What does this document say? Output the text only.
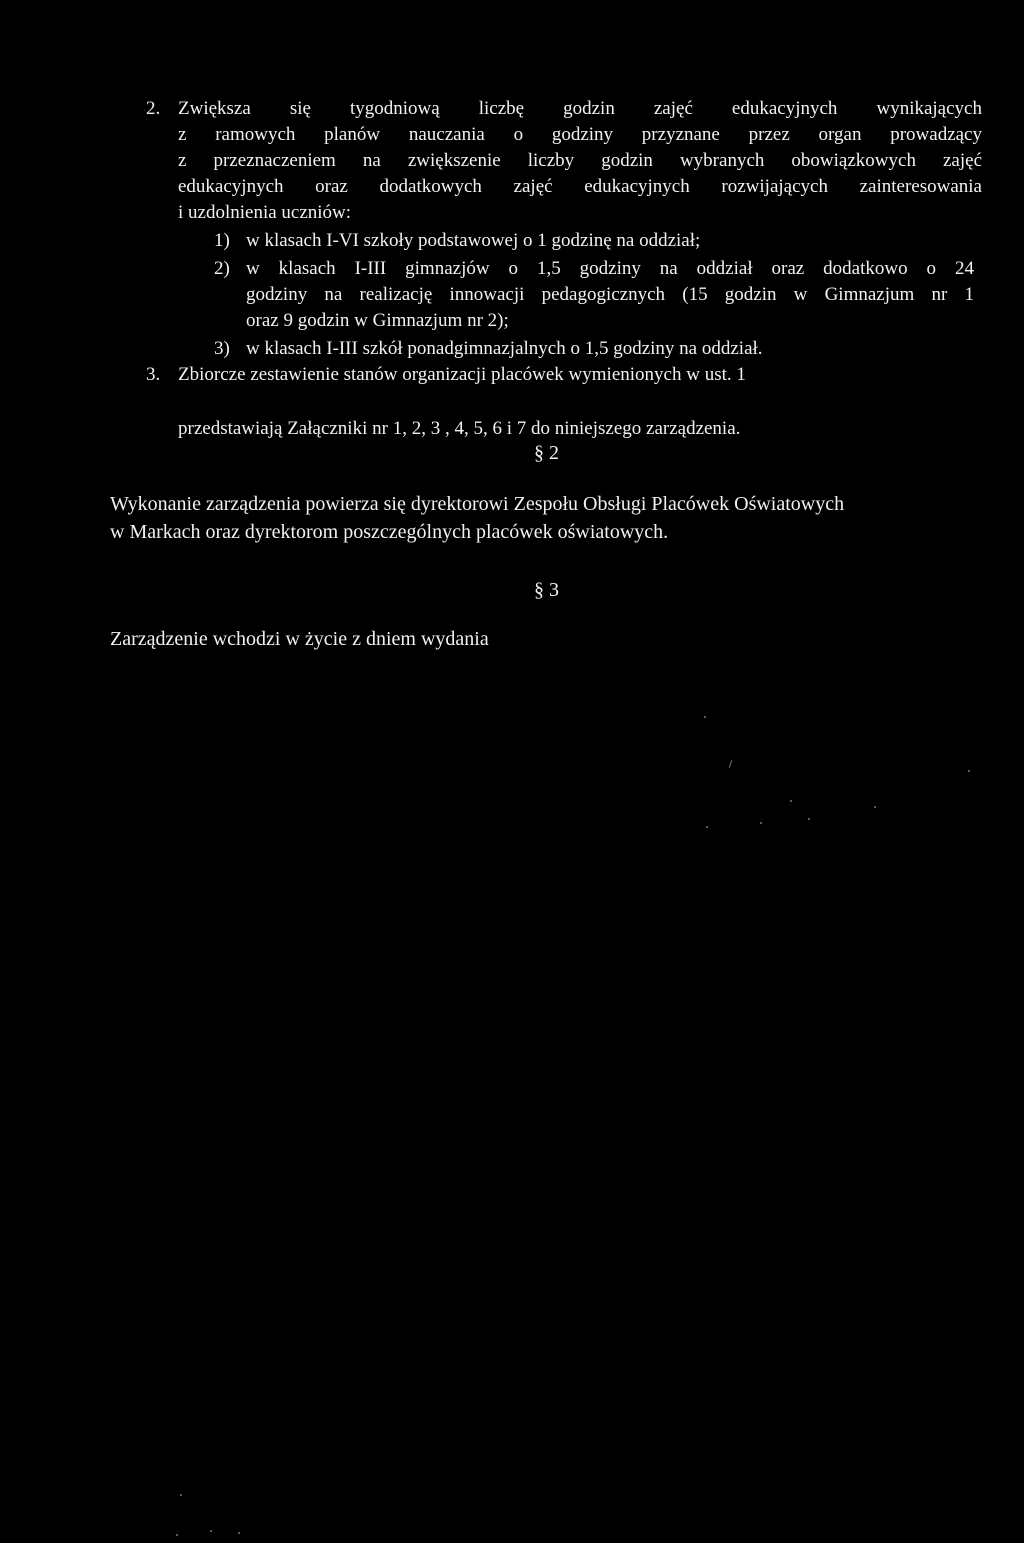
2. Zwiększa się tygodniową liczbę godzin zajęć edukacyjnych wynikających
z ramowych planów nauczania o godziny przyznane przez organ prowadzący
z przeznaczeniem na zwiększenie liczby godzin wybranych obowiązkowych zajęć
edukacyjnych oraz dodatkowych zajęć edukacyjnych rozwijających zainteresowania
i uzdolnienia uczniów:
1) w klasach I-VI szkoły podstawowej o 1 godzinę na oddział;
2) w klasach I-III gimnazjów o 1,5 godziny na oddział oraz dodatkowo o 24
godziny na realizację innowacji pedagogicznych (15 godzin w Gimnazjum nr 1
oraz 9 godzin w Gimnazjum nr 2);
3) w klasach I-III szkół ponadgimnazjalnych o 1,5 godziny na oddział.
3. Zbiorcze zestawienie stanów organizacji placówek wymienionych w ust. 1
przedstawiają Załączniki nr 1, 2, 3 , 4, 5, 6 i 7 do niniejszego zarządzenia.
§ 2
Wykonanie zarządzenia powierza się dyrektorowi Zespołu Obsługi Placówek Oświatowych
w Markach oraz dyrektorom poszczególnych placówek oświatowych.
§ 3
Zarządzenie wchodzi w życie z dniem wydania
